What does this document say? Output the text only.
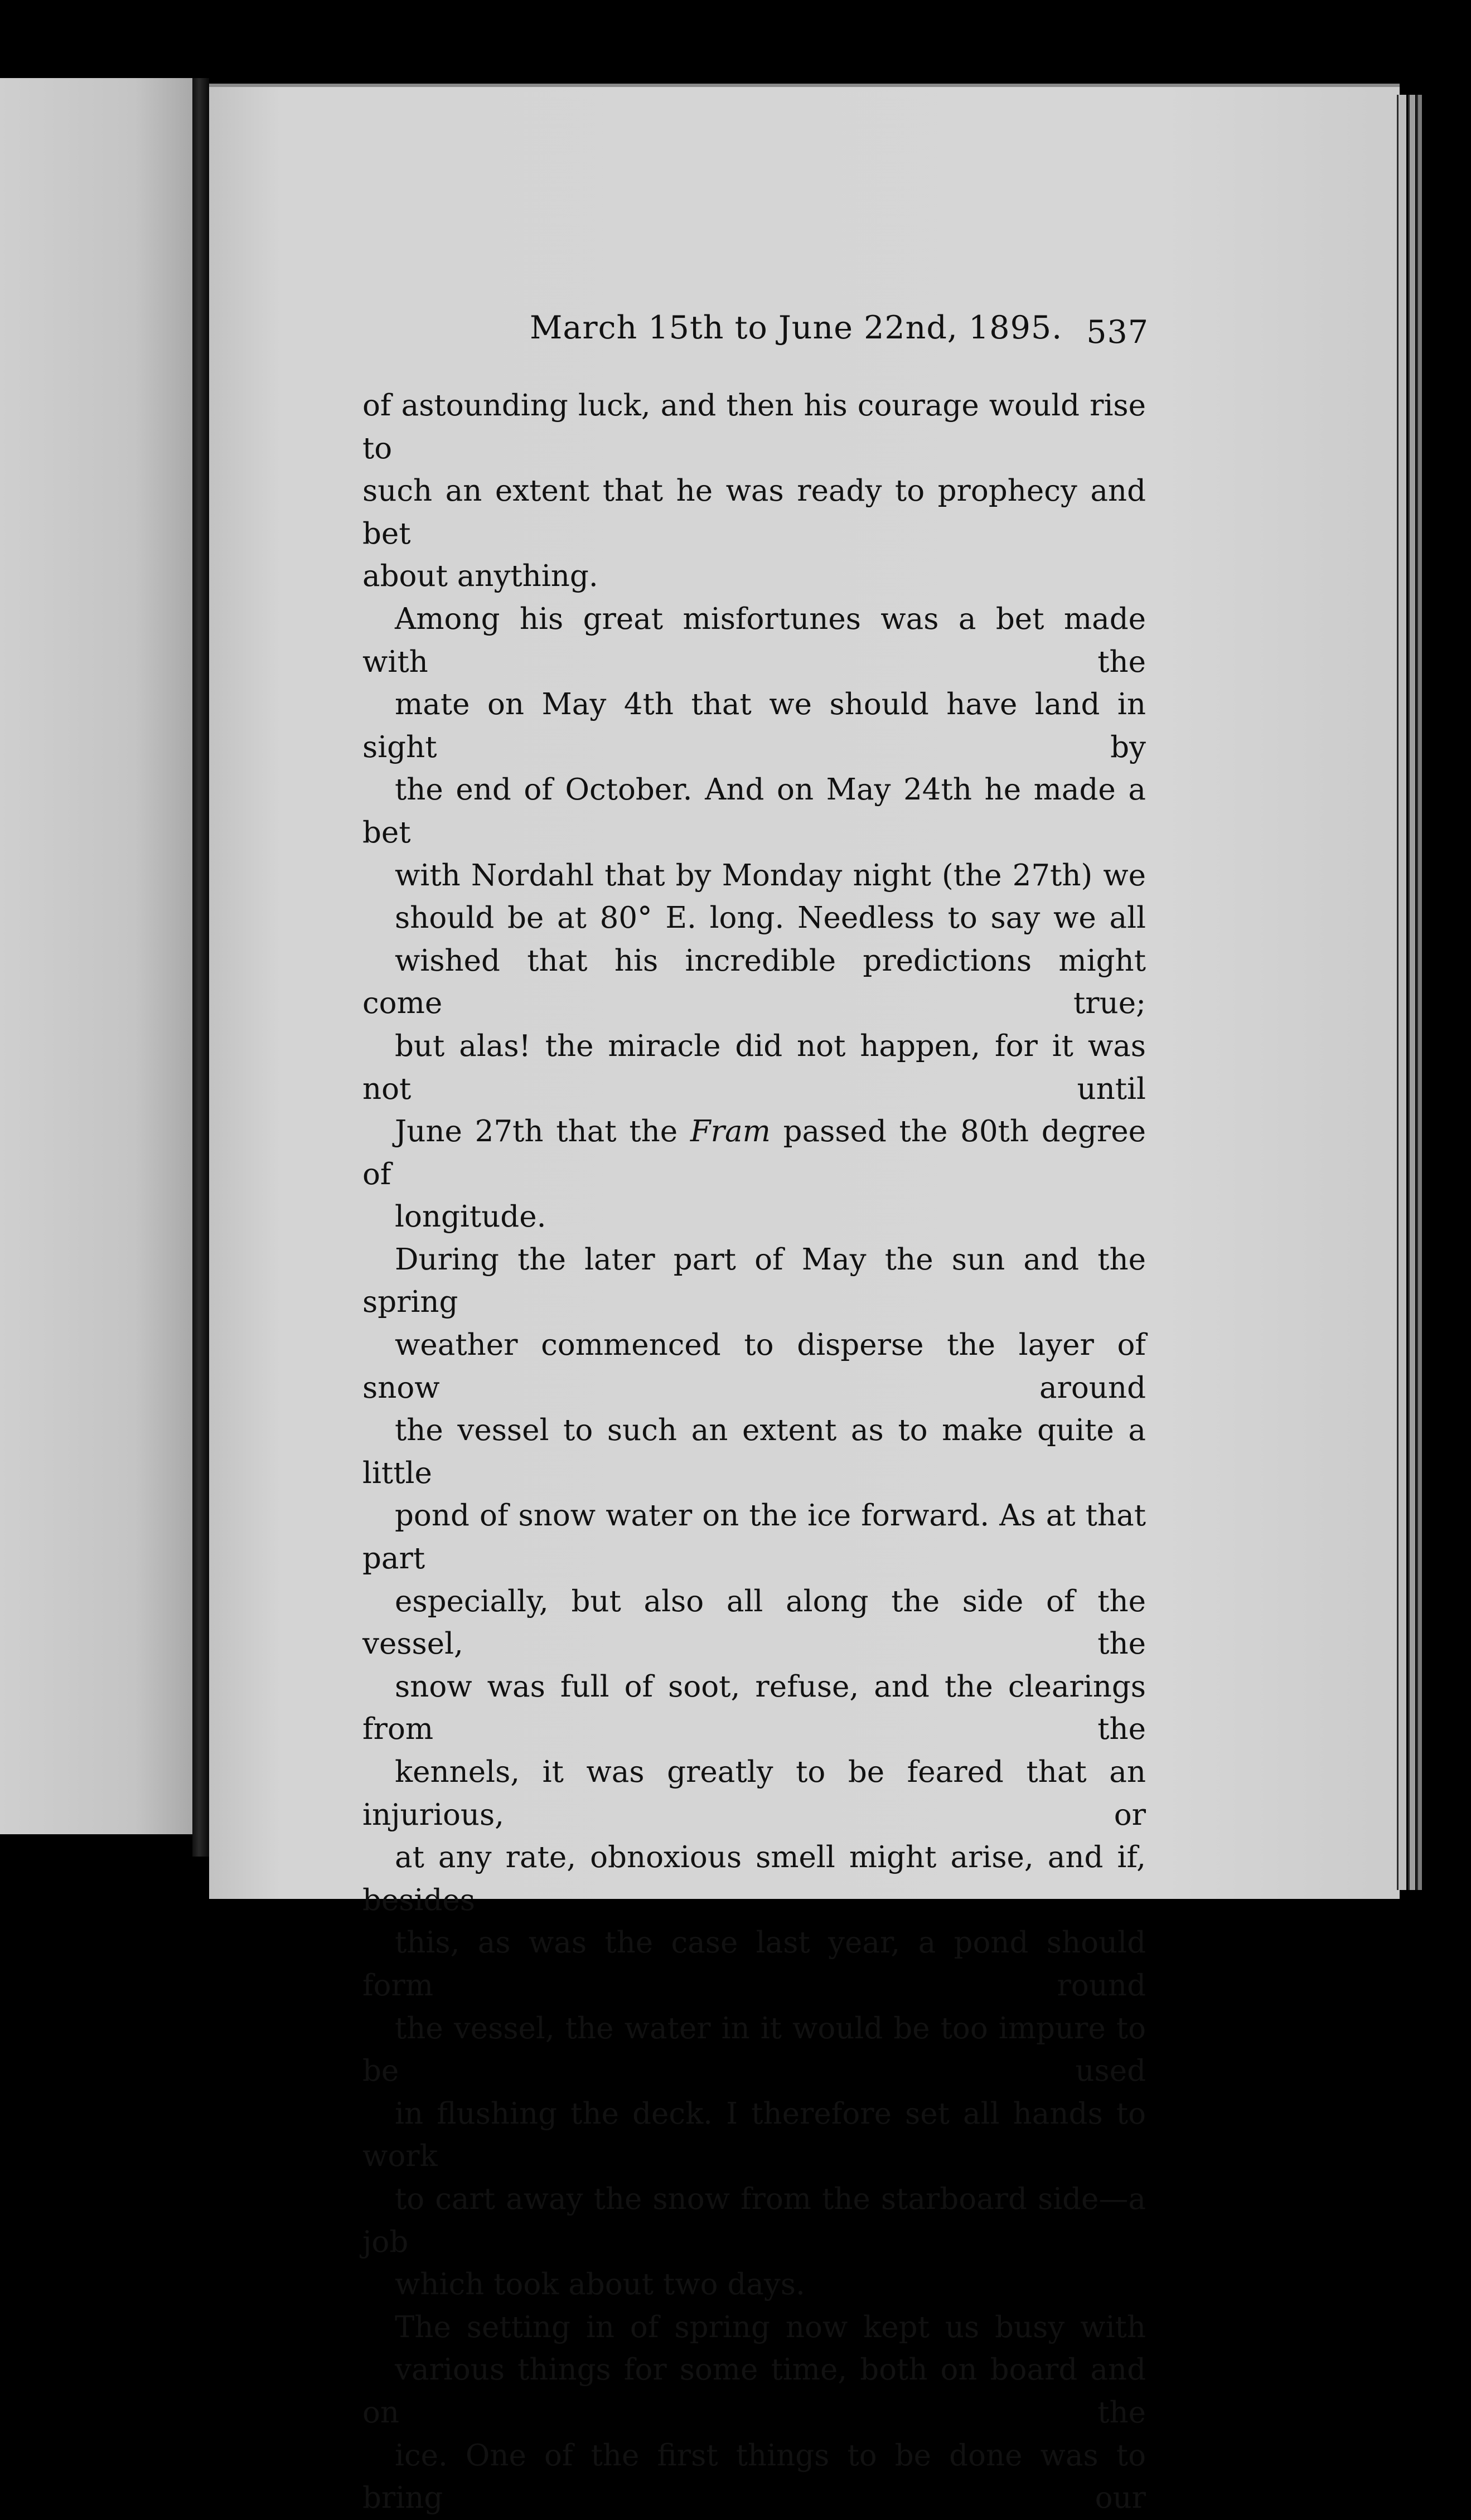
March 15th to June 22nd, 1895. 537

of astounding luck, and then his courage would rise to
such an extent that he was ready to prophecy and bet
about anything.

Among his great misfortunes was a bet made with the
mate on May 4th that we should have land in sight by
the end of October. And on May 24th he made a bet
with Nordahl that by Monday night (the 27th) we
should be at 80° E. long. Needless to say we all
wished that his incredible predictions might come true;
but alas! the miracle did not happen, for it was not until
June 27th that the Fram passed the 80th degree of
longitude.

During the later part of May the sun and the spring
weather commenced to disperse the layer of snow around
the vessel to such an extent as to make quite a little
pond of snow water on the ice forward. As at that part
especially, but also all along the side of the vessel, the
snow was full of soot, refuse, and the clearings from the
kennels, it was greatly to be feared that an injurious, or
at any rate, obnoxious smell might arise, and if, besides
this, as was the case last year, a pond should form round
the vessel, the water in it would be too impure to be used
in flushing the deck. I therefore set all hands to work
to cart away the snow from the starboard side—a job
which took about two days.

The setting in of spring now kept us busy with
various things for some time, both on board and on the
ice. One of the first things to be done was to bring our
